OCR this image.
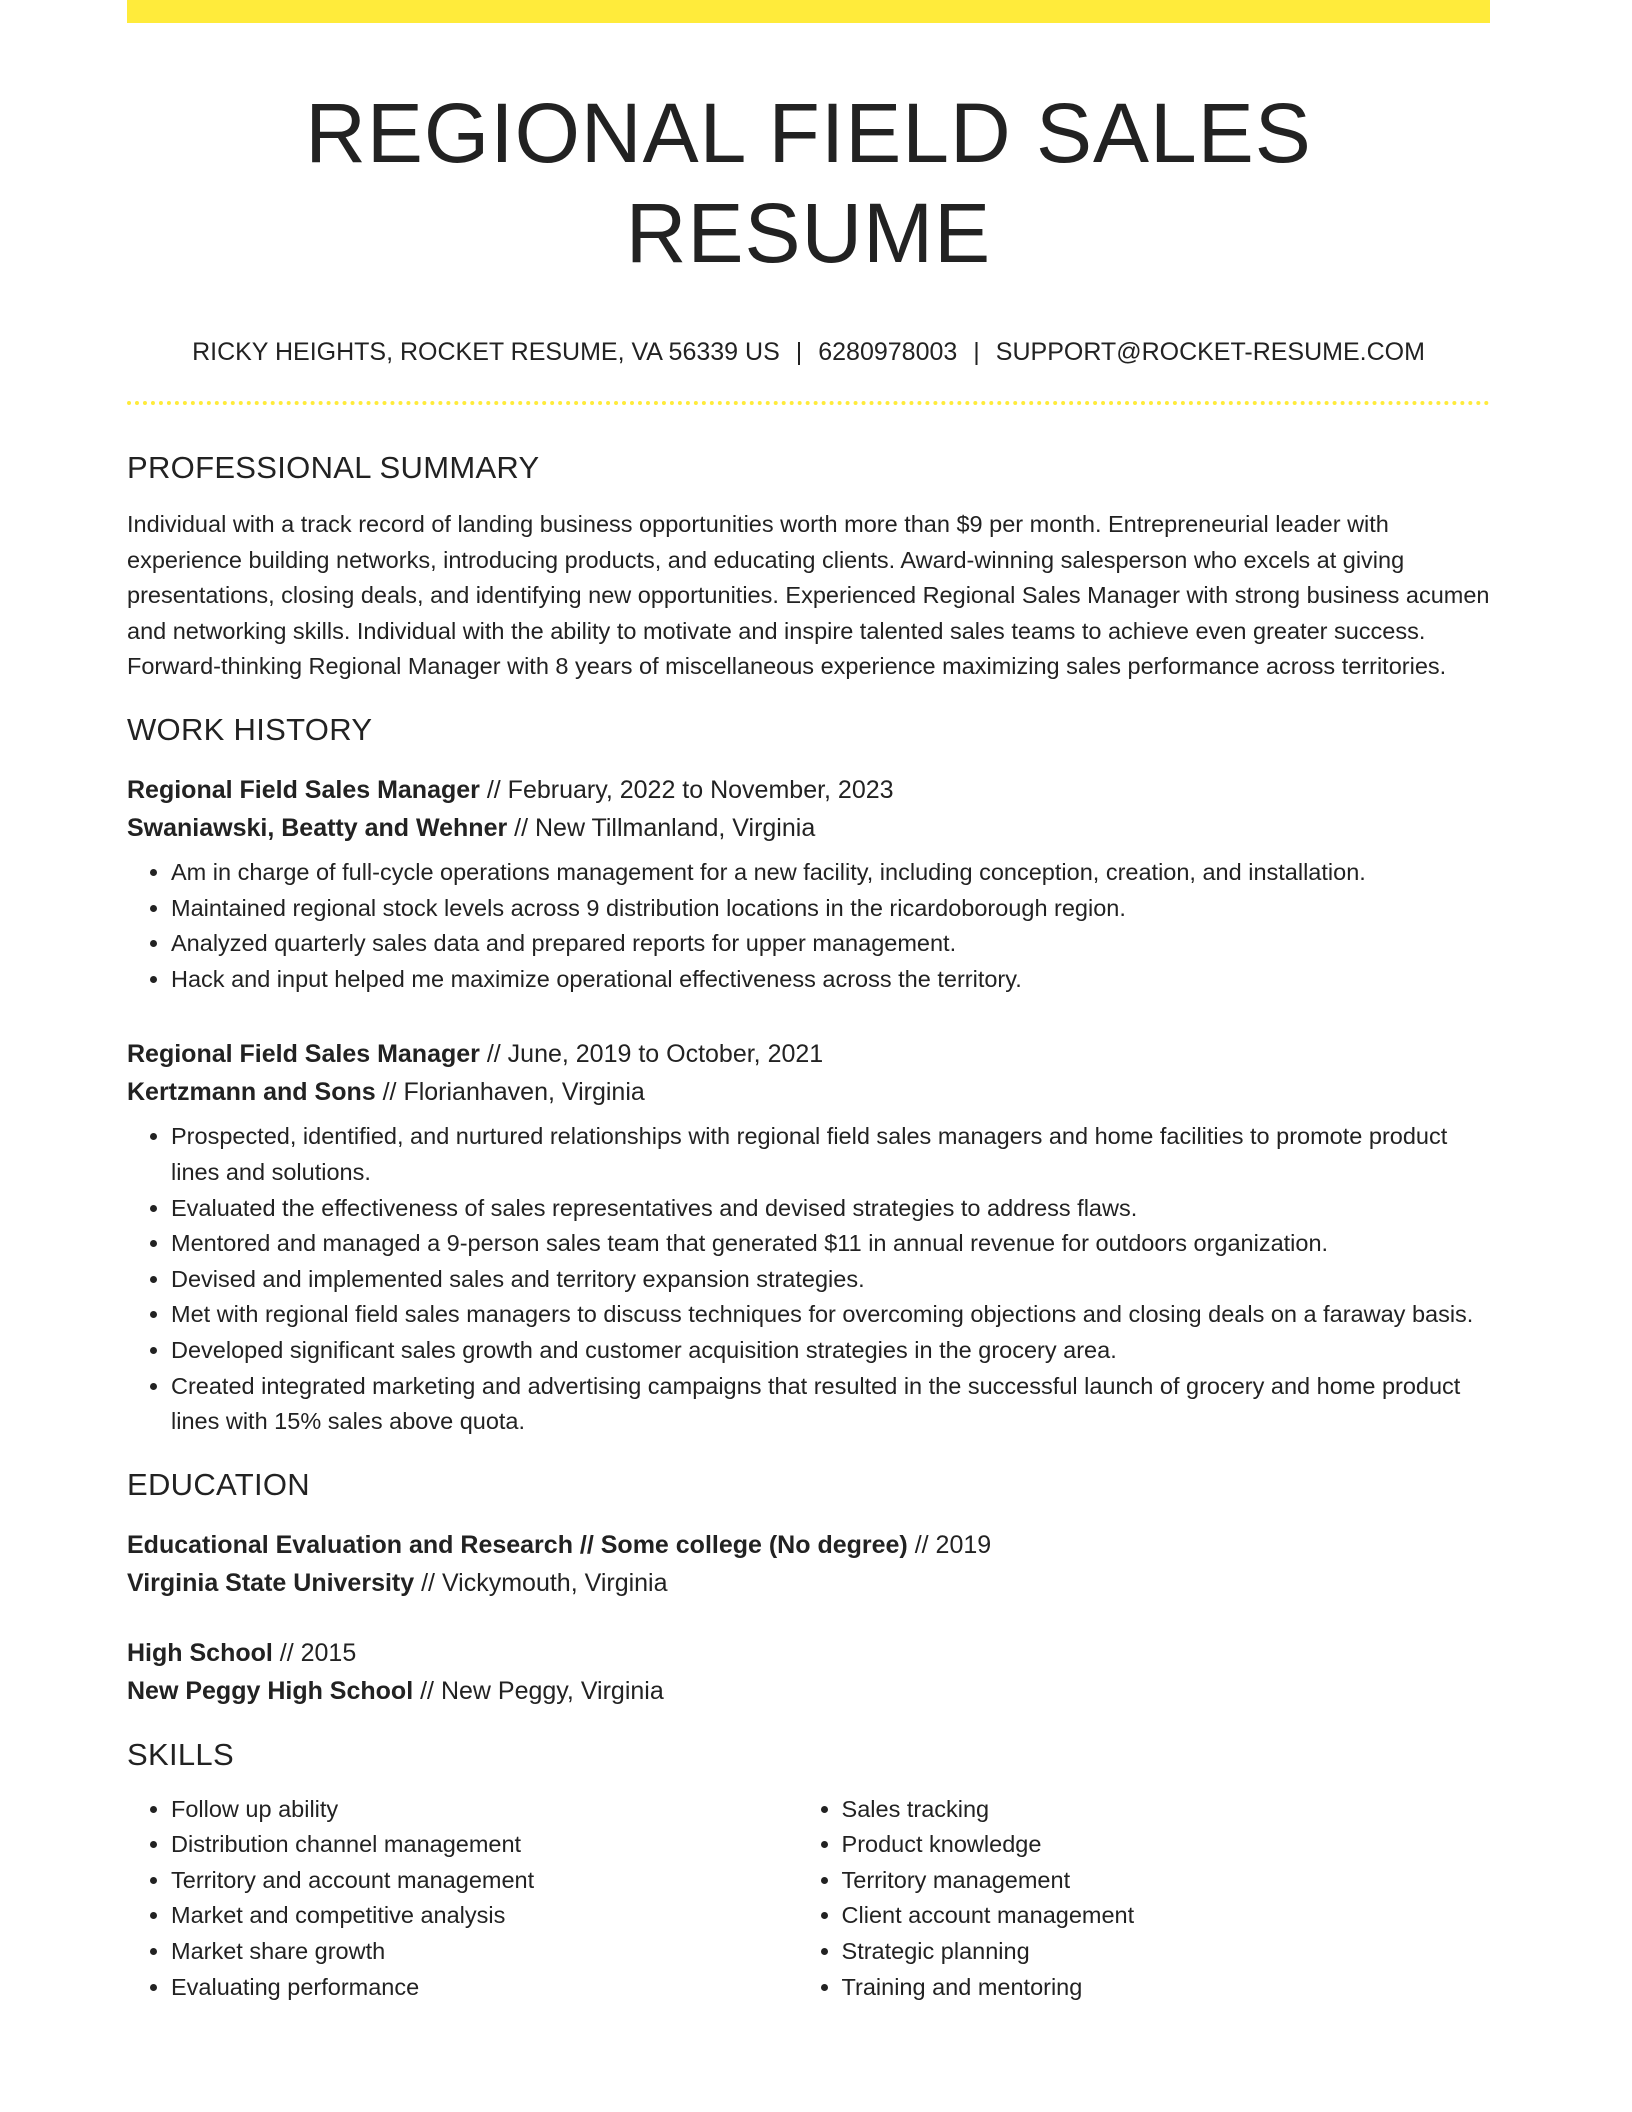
REGIONAL FIELD SALES RESUME
RICKY HEIGHTS, ROCKET RESUME, VA 56339 US | 6280978003 | SUPPORT@ROCKET-RESUME.COM
PROFESSIONAL SUMMARY

Individual with a track record of landing business opportunities worth more than $9 per month. Entrepreneurial leader with experience building networks, introducing products, and educating clients. Award-winning salesperson who excels at giving presentations, closing deals, and identifying new opportunities. Experienced Regional Sales Manager with strong business acumen and networking skills. Individual with the ability to motivate and inspire talented sales teams to achieve even greater success. Forward-thinking Regional Manager with 8 years of miscellaneous experience maximizing sales performance across territories.

WORK HISTORY
Regional Field Sales Manager // February, 2022 to November, 2023
Swaniawski, Beatty and Wehner // New Tillmanland, Virginia
• Am in charge of full-cycle operations management for a new facility, including conception, creation, and installation.
• Maintained regional stock levels across 9 distribution locations in the ricardoborough region.
• Analyzed quarterly sales data and prepared reports for upper management.
• Hack and input helped me maximize operational effectiveness across the territory.
Regional Field Sales Manager // June, 2019 to October, 2021
Kertzmann and Sons // Florianhaven, Virginia
• Prospected, identified, and nurtured relationships with regional field sales managers and home facilities to promote product lines and solutions.
• Evaluated the effectiveness of sales representatives and devised strategies to address flaws.
• Mentored and managed a 9-person sales team that generated $11 in annual revenue for outdoors organization.
• Devised and implemented sales and territory expansion strategies.
• Met with regional field sales managers to discuss techniques for overcoming objections and closing deals on a faraway basis.
• Developed significant sales growth and customer acquisition strategies in the grocery area.
• Created integrated marketing and advertising campaigns that resulted in the successful launch of grocery and home product lines with 15% sales above quota.
EDUCATION
Educational Evaluation and Research // Some college (No degree) // 2019
Virginia State University // Vickymouth, Virginia
High School // 2015
New Peggy High School // New Peggy, Virginia
SKILLS
• Follow up ability
• Distribution channel management
• Territory and account management
• Market and competitive analysis
• Market share growth
• Evaluating performance
• Sales tracking
• Product knowledge
• Territory management
• Client account management
• Strategic planning
• Training and mentoring
